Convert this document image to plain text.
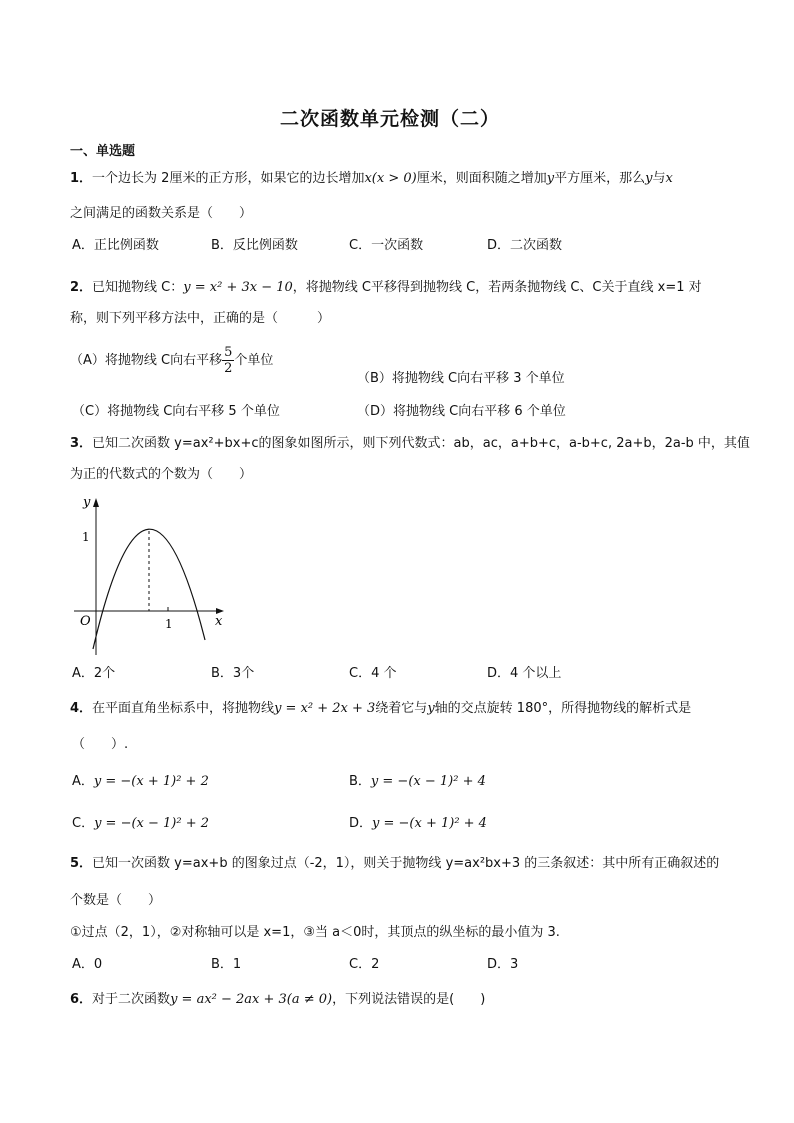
二次函数单元检测（二）
一、单选题
1．一个边长为 2厘米的正方形，如果它的边长增加x(x > 0)厘米，则面积随之增加y平方厘米，那么y与x
之间满足的函数关系是（　　）
A．正比例函数	B．反比例函数	C．一次函数	D．二次函数
2．已知抛物线 C：y = x² + 3x − 10，将抛物线 C平移得到抛物线 C，若两条抛物线 C、C关于直线 x=1 对
称，则下列平移方法中，正确的是（　　　）
（A）将抛物线 C向右平移 $\frac{5}{2}$ 个单位
（B）将抛物线 C向右平移 3 个单位
（C）将抛物线 C向右平移 5 个单位	（D）将抛物线 C向右平移 6 个单位
3．已知二次函数 y=ax²+bx+c的图象如图所示，则下列代数式：ab，ac，a+b+c，a-b+c, 2a+b，2a-b 中，其值
为正的代数式的个数为（　　）
y
1
O	1	x
A．2个	B．3个	C．4 个	D．4 个以上
4．在平面直角坐标系中，将抛物线y = x² + 2x + 3绕着它与y轴的交点旋转 180°，所得抛物线的解析式是
（　　）.
A．y = −(x + 1)² + 2	B．y = −(x − 1)² + 4
C．y = −(x − 1)² + 2	D．y = −(x + 1)² + 4
5．已知一次函数 y=ax+b 的图象过点（-2，1），则关于抛物线 y=ax²bx+3 的三条叙述：其中所有正确叙述的
个数是（　　）
①过点（2，1），②对称轴可以是 x=1，③当 a＜0时，其顶点的纵坐标的最小值为 3.
A．0	B．1	C．2	D．3
6．对于二次函数y = ax² − 2ax + 3(a ≠ 0)，下列说法错误的是(　　)
